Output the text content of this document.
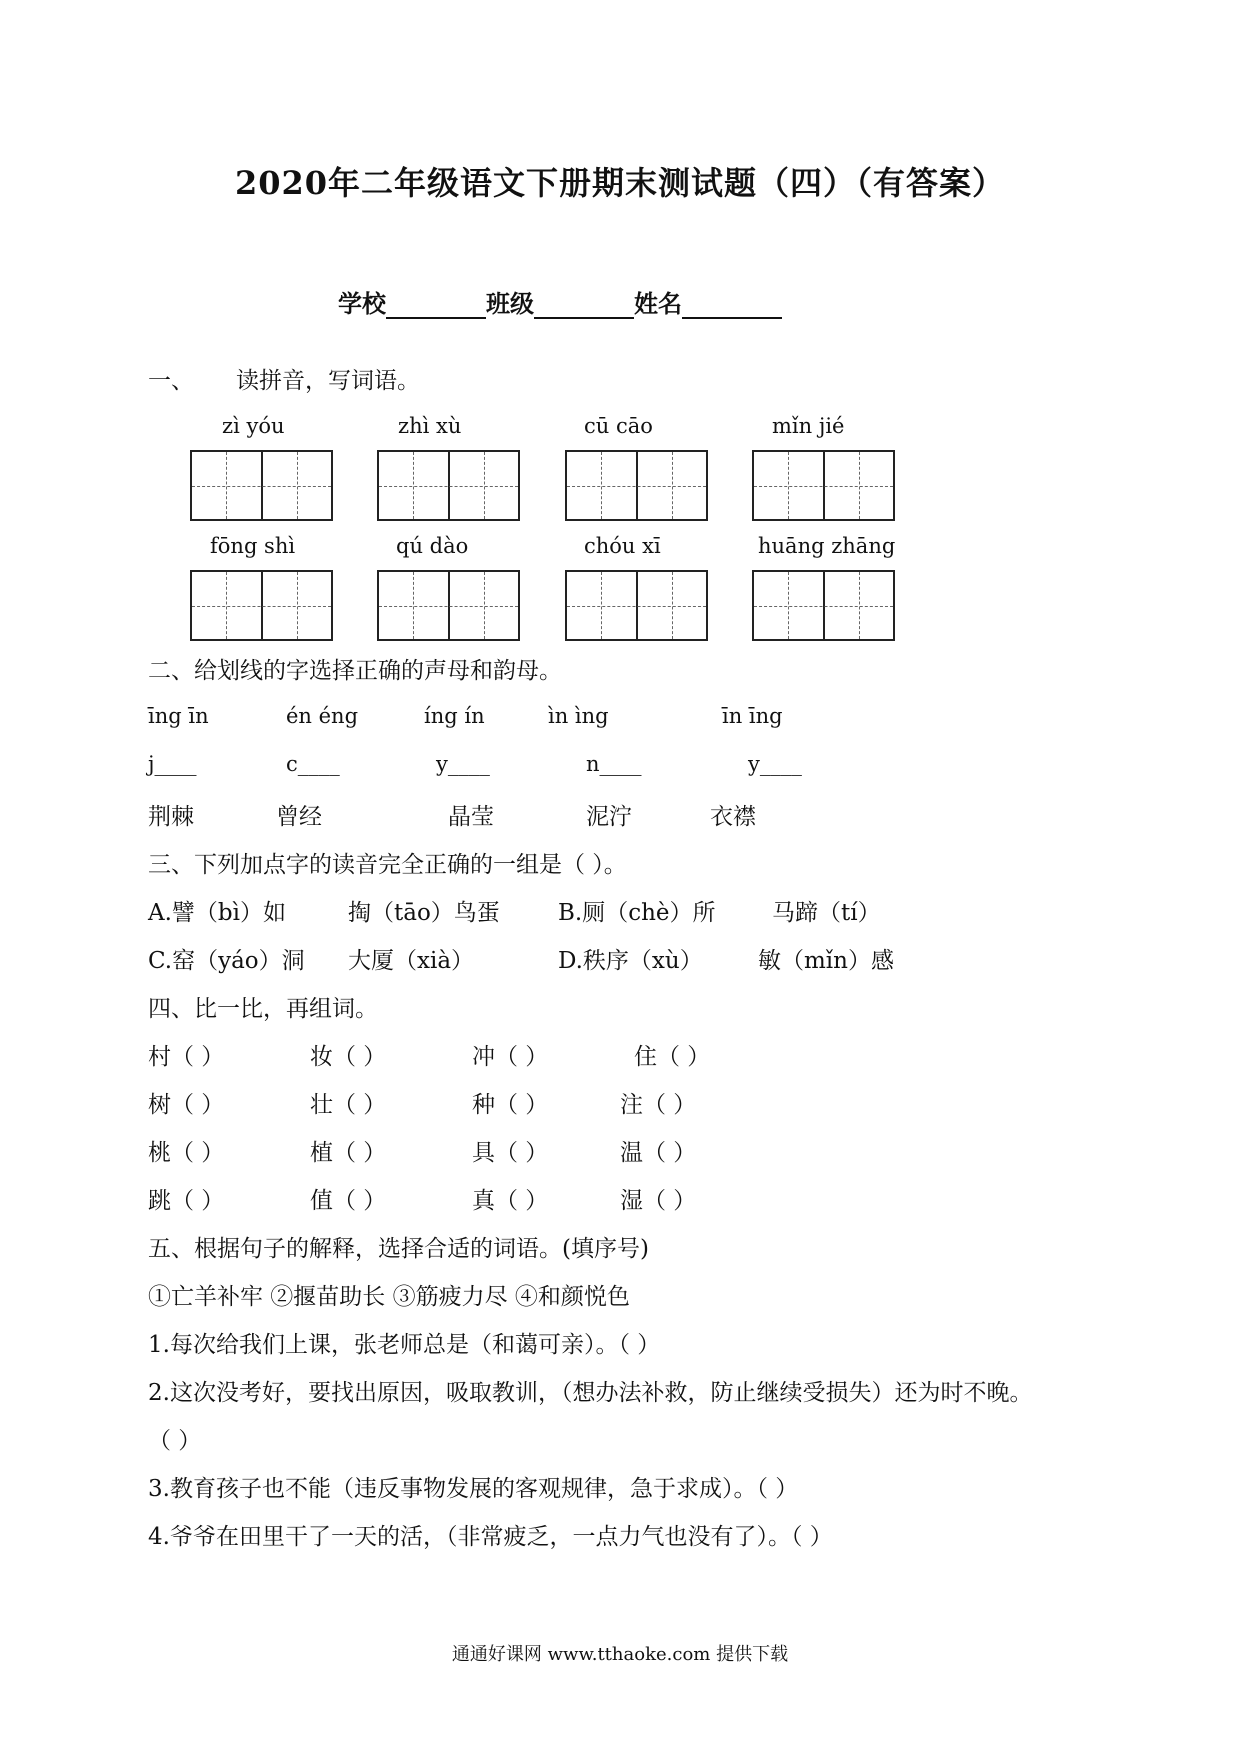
2020年二年级语文下册期末测试题（四）（有答案）
学校	班级	姓名
一、 读拼音，写词语。
zì yóu	zhì xù	cū cāo	mǐn jié
fōng shì	qú dào	chóu xī	huāng zhāng
二、给划线的字选择正确的声母和韵母。
īng īn	én éng	íng ín	ìn ìng	īn īng
j____	c____	y____	n____	y____
荆棘	曾经	晶莹	泥泞	衣襟
三、下列加点字的读音完全正确的一组是（ ）。
A.譬（bì）如	掏（tāo）鸟蛋	B.厕（chè）所 马蹄（tí）
C.窑（yáo）洞 大厦（xià）	D.秩序（xù） 敏（mǐn）感
四、比一比，再组词。
村（ ）	妆（ ）	冲（ ）	住（ ）
树（ ）	壮（ ）	种（ ）	注（ ）
桃（ ）	植（ ）	具（ ）	温（ ）
跳（ ）	值（ ）	真（ ）	湿（ ）
五、根据句子的解释，选择合适的词语。(填序号)
①亡羊补牢 ②揠苗助长 ③筋疲力尽 ④和颜悦色
1.每次给我们上课，张老师总是（和蔼可亲）。（ ）
2.这次没考好，要找出原因，吸取教训，（想办法补救，防止继续受损失）还为时不晚。
（ ）
3.教育孩子也不能（违反事物发展的客观规律，急于求成）。（ ）
4.爷爷在田里干了一天的活，（非常疲乏，一点力气也没有了）。（ ）
通通好课网 www.tthaoke.com 提供下载
